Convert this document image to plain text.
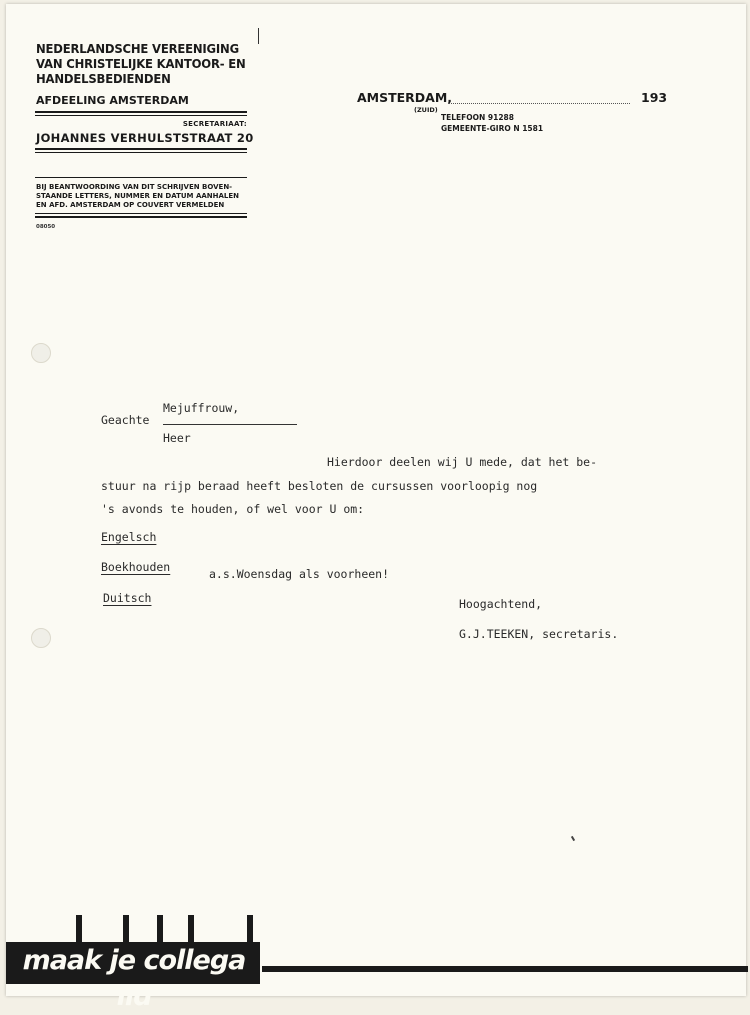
NEDERLANDSCHE VEREENIGING
VAN CHRISTELIJKE KANTOOR- EN
HANDELSBEDIENDEN
AFDEELING AMSTERDAM
SECRETARIAAT:
JOHANNES VERHULSTSTRAAT 20
BIJ BEANTWOORDING VAN DIT SCHRIJVEN BOVEN-
STAANDE LETTERS, NUMMER EN DATUM AANHALEN
EN AFD. AMSTERDAM OP COUVERT VERMELDEN
08050
AMSTERDAM,	193
(ZUID)
TELEFOON 91288
GEMEENTE-GIRO N 1581
Geachte
Mejuffrouw,
Heer
Hierdoor deelen wij U mede, dat het be-
stuur na rijp beraad heeft besloten de cursussen voorloopig nog
's avonds te houden, of wel voor U om:
Engelsch
Boekhouden	a.s.Woensdag als voorheen!
Duitsch	Hoogachtend,
G.J.TEEKEN, secretaris.
maak je collega lid
